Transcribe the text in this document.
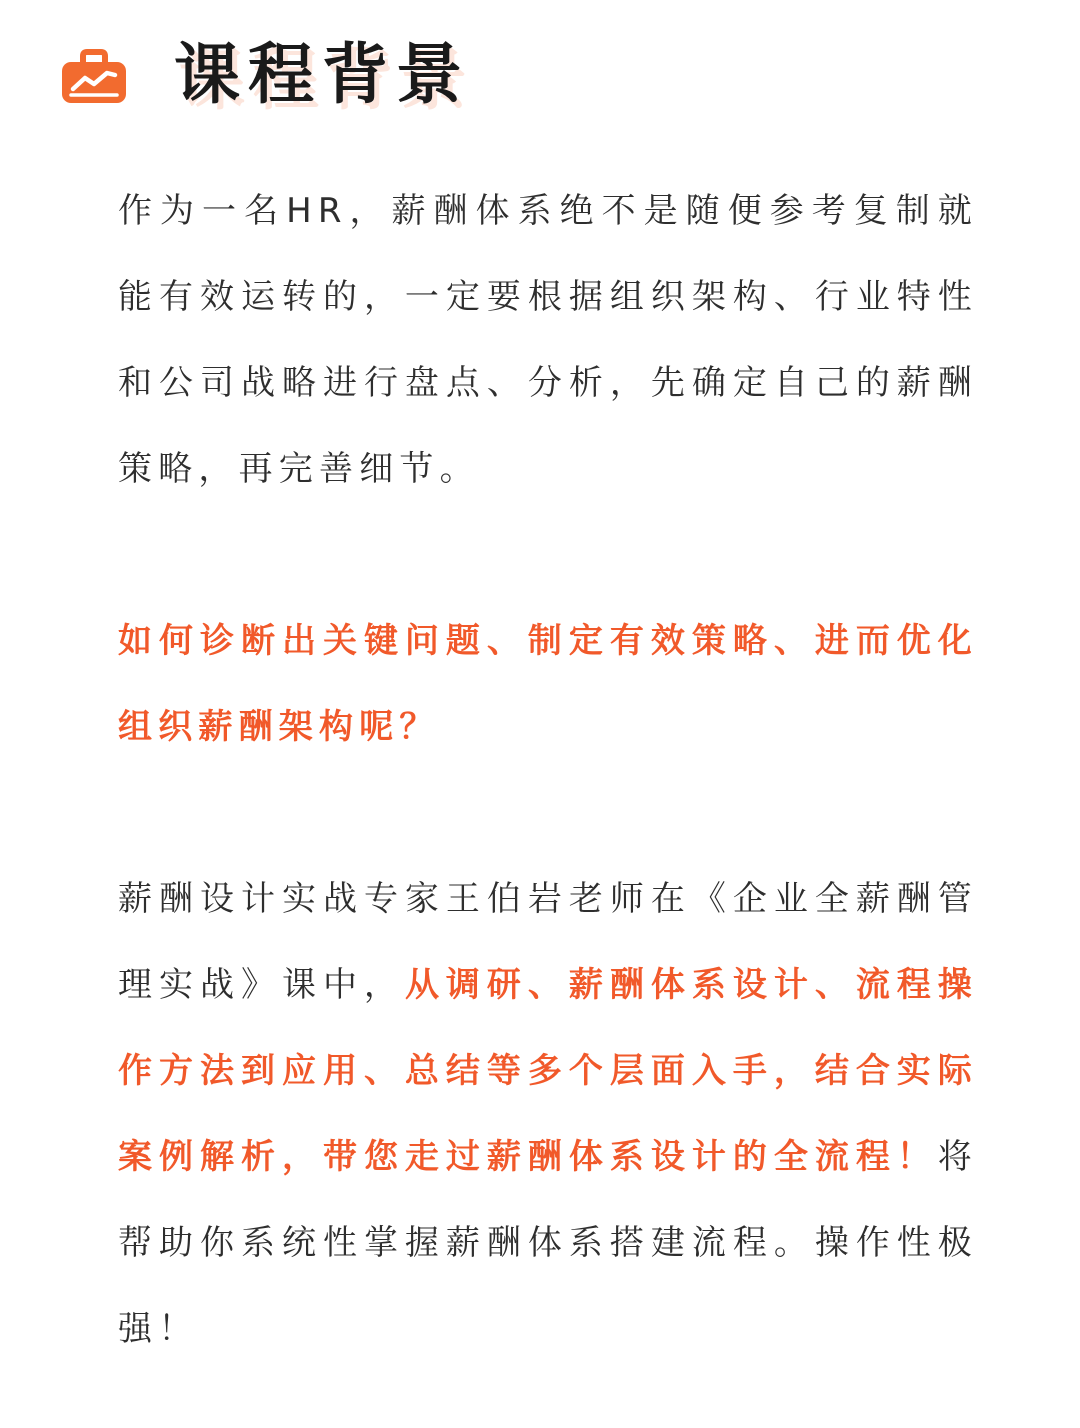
课程背景

作为一名HR，薪酬体系绝不是随便参考复制就能有效运转的，一定要根据组织架构、行业特性和公司战略进行盘点、分析，先确定自己的薪酬策略，再完善细节。

如何诊断出关键问题、制定有效策略、进而优化组织薪酬架构呢？

薪酬设计实战专家王伯岩老师在《企业全薪酬管理实战》课中，从调研、薪酬体系设计、流程操作方法到应用、总结等多个层面入手，结合实际案例解析，带您走过薪酬体系设计的全流程！将帮助你系统性掌握薪酬体系搭建流程。操作性极强！
